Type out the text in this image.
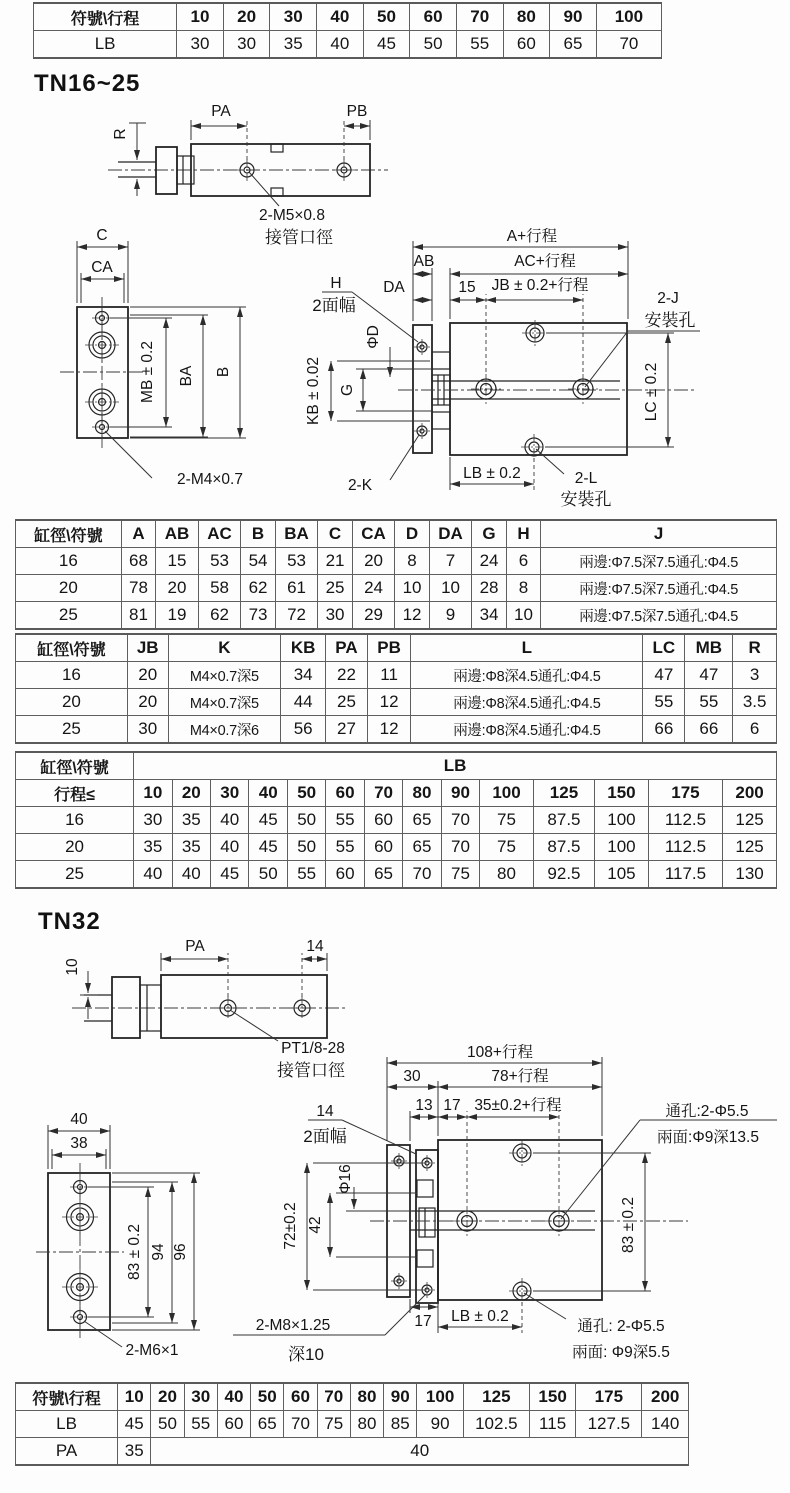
符號\行程	10	20	30	40	50	60	70	80	90	100
LB	30	30	35	40	45	50	55	60	65	70
TN16~25
R
PA	PB
2-M5×0.8
接管口徑
C
CA
MB ± 0.2 BA B
2-M4×0.7
A+行程
AB	AC+行程
DA	15 JB ± 0.2+行程
2-J
安裝孔
LC ± 0.2
LB ± 0.2	2-L
安裝孔
H
2面幅
ΦD
KB ± 0.02 G
2-K
缸徑\符號	A	AB	AC	B	BA	C	CA	D	DA	G	H	J
16	68	15	53	54	53	21	20	8	7	24	6	兩邊:Φ7.5深7.5通孔:Φ4.5
20	78	20	58	62	61	25	24	10	10	28	8	兩邊:Φ7.5深7.5通孔:Φ4.5
25	81	19	62	73	72	30	29	12	9	34	10	兩邊:Φ7.5深7.5通孔:Φ4.5
缸徑\符號	JB	K	KB	PA	PB	L	LC	MB	R
16	20	M4×0.7深5	34	22	11	兩邊:Φ8深4.5通孔:Φ4.5	47	47	3
20	20	M4×0.7深5	44	25	12	兩邊:Φ8深4.5通孔:Φ4.5	55	55	3.5
25	30	M4×0.7深6	56	27	12	兩邊:Φ8深4.5通孔:Φ4.5	66	66	6
缸徑\符號	LB													
行程≤	10	20	30	40	50	60	70	80	90	100	125	150	175	200
16	30	35	40	45	50	55	60	65	70	75	87.5	100	112.5	125
20	35	35	40	45	50	55	60	65	70	75	87.5	100	112.5	125
25	40	40	45	50	55	60	65	70	75	80	92.5	105	117.5	130
TN32
10
PA	14
PT1/8-28
接管口徑
40
38
83 ± 0.2 94 96
2-M6×1
108+行程
30	78+行程
13 17 35±0.2+行程	通孔:2-Φ5.5
兩面:Φ9深13.5
83 ± 0.2
17 LB ± 0.2
通孔: 2-Φ5.5
兩面: Φ9深5.5
14
2面幅
Φ16
42
72±0.2
2-M8×1.25
深10
符號\行程	10	20	30	40	50	60	70	80	90	100	125	150	175	200
LB	45	50	55	60	65	70	75	80	85	90	102.5	115	127.5	140
PA	35	40												
